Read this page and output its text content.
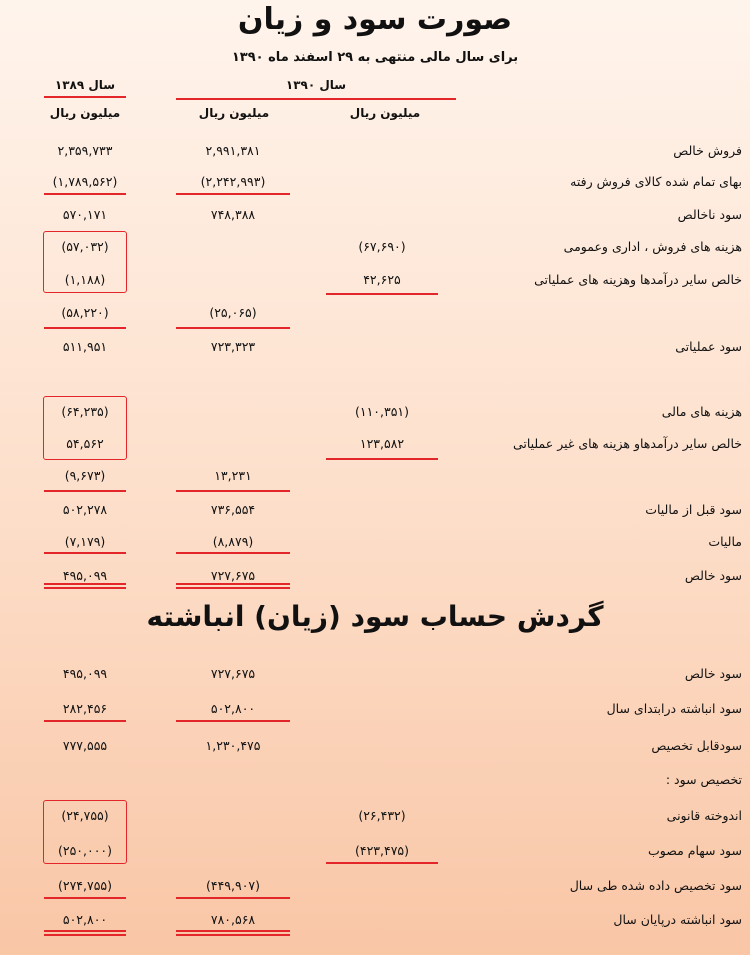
صورت سود و زیان
برای سال مالی منتهی به ۲۹ اسفند ماه ۱۳۹۰
سال ۱۳۸۹	سال ۱۳۹۰
میلیون ریال
میلیون ریال
میلیون ریال
فروش خالص
۲,۹۹۱,۳۸۱
۲,۳۵۹,۷۳۳
بهای تمام شده کالای فروش رفته
(۲,۲۴۲,۹۹۳)
(۱,۷۸۹,۵۶۲)
سود ناخالص
۷۴۸,۳۸۸
۵۷۰,۱۷۱
هزینه های فروش ، اداری وعمومی
(۶۷,۶۹۰)
(۵۷,۰۳۲)
خالص سایر درآمدها وهزینه های عملیاتی
۴۲,۶۲۵
(۱,۱۸۸)
(۲۵,۰۶۵)
(۵۸,۲۲۰)
سود عملیاتی
۷۲۳,۳۲۳
۵۱۱,۹۵۱
هزینه های مالی
(۱۱۰,۳۵۱)
(۶۴,۲۳۵)
خالص سایر درآمدهاو هزینه های غیر عملیاتی
۱۲۳,۵۸۲
۵۴,۵۶۲
۱۳,۲۳۱
(۹,۶۷۳)
سود قبل از مالیات
۷۳۶,۵۵۴
۵۰۲,۲۷۸
مالیات
(۸,۸۷۹)
(۷,۱۷۹)
سود خالص
۷۲۷,۶۷۵
۴۹۵,۰۹۹
گردش حساب سود (زیان) انباشته
سود خالص
۷۲۷,۶۷۵
۴۹۵,۰۹۹
سود انباشته درابتدای سال
۵۰۲,۸۰۰
۲۸۲,۴۵۶
سودقابل تخصیص
۱,۲۳۰,۴۷۵
۷۷۷,۵۵۵
تخصیص سود :
اندوخته قانونی
(۲۶,۴۳۲)
(۲۴,۷۵۵)
سود سهام مصوب
(۴۲۳,۴۷۵)
(۲۵۰,۰۰۰)
سود تخصیص داده شده طی سال
(۴۴۹,۹۰۷)
(۲۷۴,۷۵۵)
سود انباشته درپایان سال
۷۸۰,۵۶۸
۵۰۲,۸۰۰
